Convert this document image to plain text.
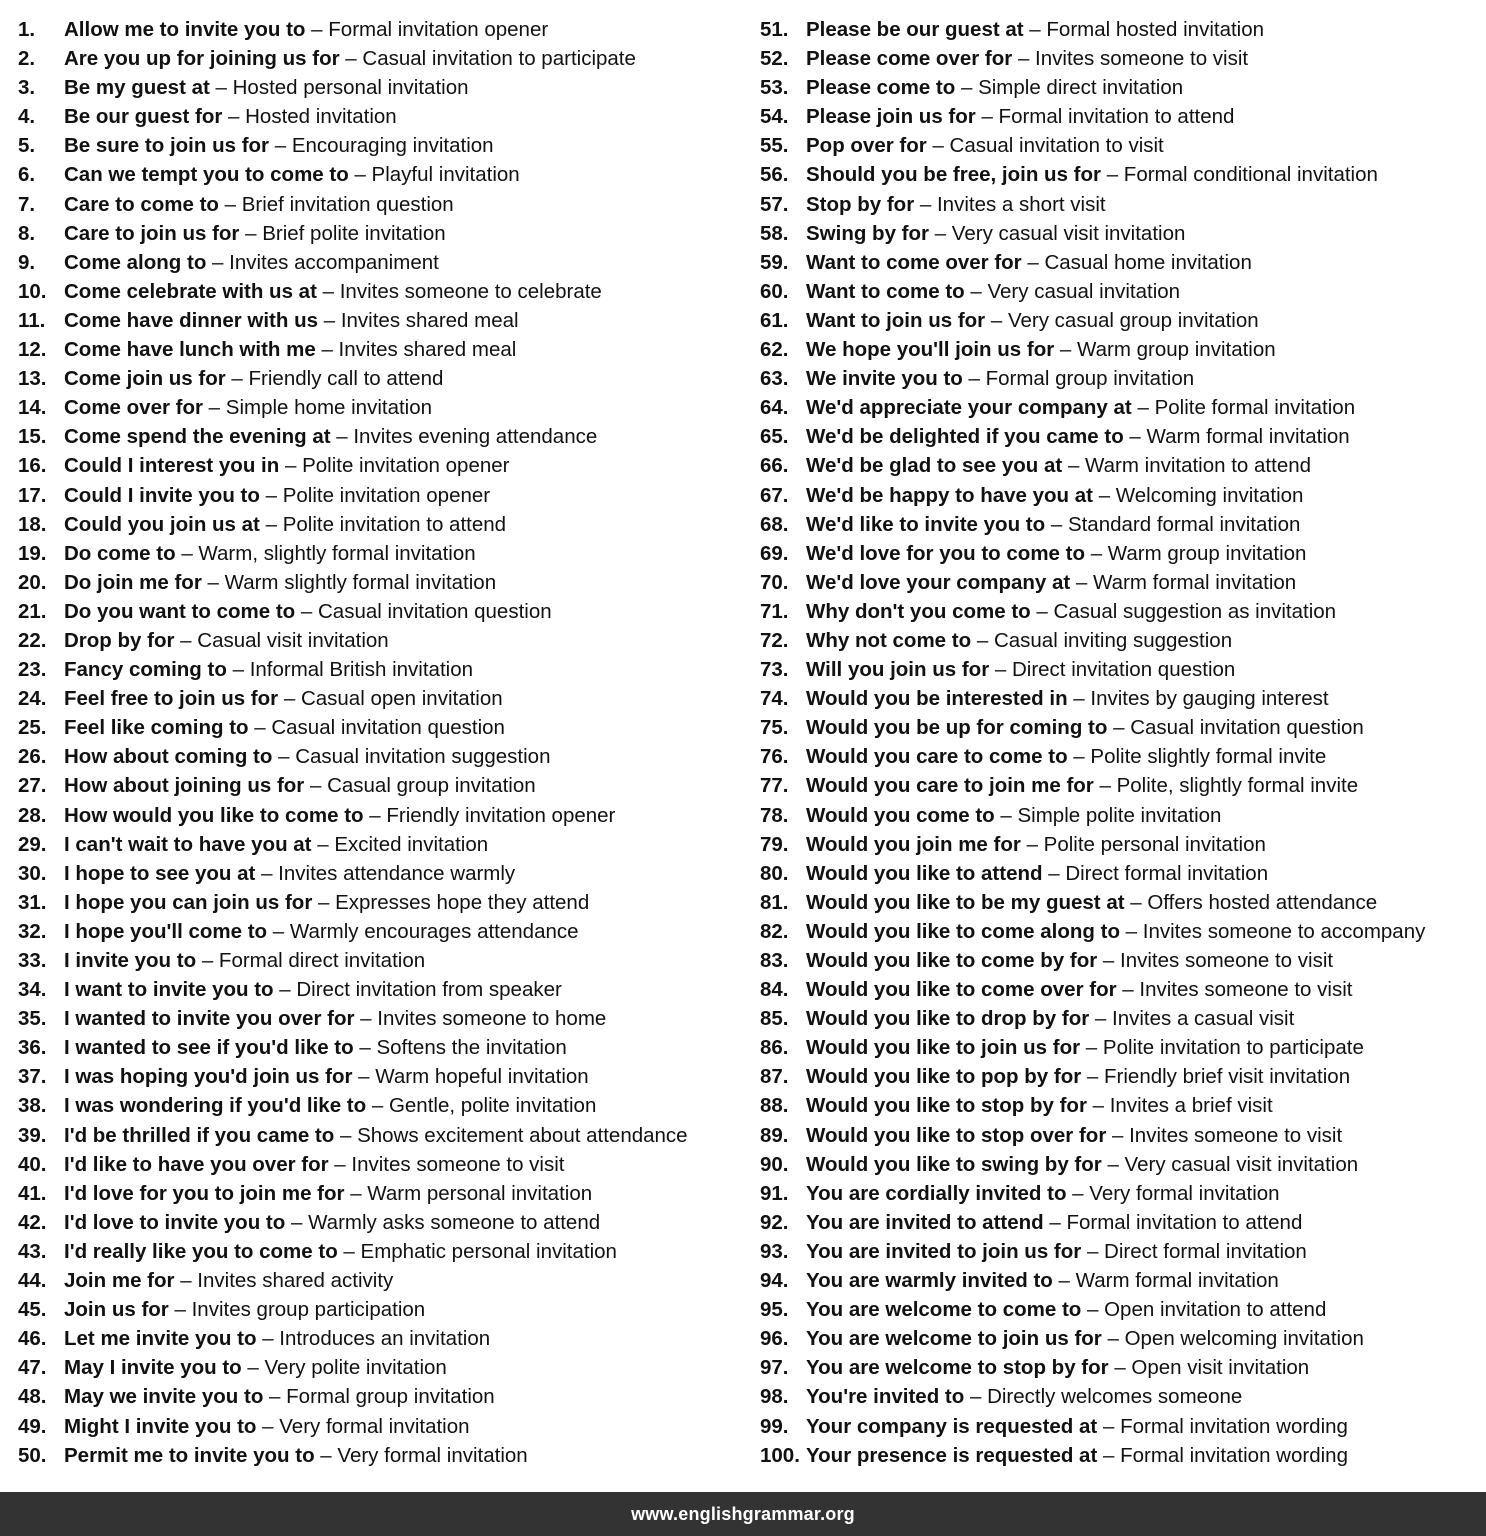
1.	Allow me to invite you to – Formal invitation opener
2.	Are you up for joining us for – Casual invitation to participate
3.	Be my guest at – Hosted personal invitation
4.	Be our guest for – Hosted invitation
5.	Be sure to join us for – Encouraging invitation
6.	Can we tempt you to come to – Playful invitation
7.	Care to come to – Brief invitation question
8.	Care to join us for – Brief polite invitation
9.	Come along to – Invites accompaniment
10. Come celebrate with us at – Invites someone to celebrate
11. Come have dinner with us – Invites shared meal
12. Come have lunch with me – Invites shared meal
13. Come join us for – Friendly call to attend
14. Come over for – Simple home invitation
15. Come spend the evening at – Invites evening attendance
16. Could I interest you in – Polite invitation opener
17. Could I invite you to – Polite invitation opener
18. Could you join us at – Polite invitation to attend
19. Do come to – Warm, slightly formal invitation
20. Do join me for – Warm slightly formal invitation
21. Do you want to come to – Casual invitation question
22. Drop by for – Casual visit invitation
23. Fancy coming to – Informal British invitation
24. Feel free to join us for – Casual open invitation
25. Feel like coming to – Casual invitation question
26. How about coming to – Casual invitation suggestion
27. How about joining us for – Casual group invitation
28. How would you like to come to – Friendly invitation opener
29. I can't wait to have you at – Excited invitation
30. I hope to see you at – Invites attendance warmly
31. I hope you can join us for – Expresses hope they attend
32. I hope you'll come to – Warmly encourages attendance
33. I invite you to – Formal direct invitation
34. I want to invite you to – Direct invitation from speaker
35. I wanted to invite you over for – Invites someone to home
36. I wanted to see if you'd like to – Softens the invitation
37. I was hoping you'd join us for – Warm hopeful invitation
38. I was wondering if you'd like to – Gentle, polite invitation
39. I'd be thrilled if you came to – Shows excitement about attendance
40. I'd like to have you over for – Invites someone to visit
41. I'd love for you to join me for – Warm personal invitation
42. I'd love to invite you to – Warmly asks someone to attend
43. I'd really like you to come to – Emphatic personal invitation
44. Join me for – Invites shared activity
45. Join us for – Invites group participation
46. Let me invite you to – Introduces an invitation
47. May I invite you to – Very polite invitation
48. May we invite you to – Formal group invitation
49. Might I invite you to – Very formal invitation
50. Permit me to invite you to – Very formal invitation
51. Please be our guest at – Formal hosted invitation
52. Please come over for – Invites someone to visit
53. Please come to – Simple direct invitation
54. Please join us for – Formal invitation to attend
55. Pop over for – Casual invitation to visit
56. Should you be free, join us for – Formal conditional invitation
57. Stop by for – Invites a short visit
58. Swing by for – Very casual visit invitation
59. Want to come over for – Casual home invitation
60. Want to come to – Very casual invitation
61. Want to join us for – Very casual group invitation
62. We hope you'll join us for – Warm group invitation
63. We invite you to – Formal group invitation
64. We'd appreciate your company at – Polite formal invitation
65. We'd be delighted if you came to – Warm formal invitation
66. We'd be glad to see you at – Warm invitation to attend
67. We'd be happy to have you at – Welcoming invitation
68. We'd like to invite you to – Standard formal invitation
69. We'd love for you to come to – Warm group invitation
70. We'd love your company at – Warm formal invitation
71. Why don't you come to – Casual suggestion as invitation
72. Why not come to – Casual inviting suggestion
73. Will you join us for – Direct invitation question
74. Would you be interested in – Invites by gauging interest
75. Would you be up for coming to – Casual invitation question
76. Would you care to come to – Polite slightly formal invite
77. Would you care to join me for – Polite, slightly formal invite
78. Would you come to – Simple polite invitation
79. Would you join me for – Polite personal invitation
80. Would you like to attend – Direct formal invitation
81. Would you like to be my guest at – Offers hosted attendance
82. Would you like to come along to – Invites someone to accompany
83. Would you like to come by for – Invites someone to visit
84. Would you like to come over for – Invites someone to visit
85. Would you like to drop by for – Invites a casual visit
86. Would you like to join us for – Polite invitation to participate
87. Would you like to pop by for – Friendly brief visit invitation
88. Would you like to stop by for – Invites a brief visit
89. Would you like to stop over for – Invites someone to visit
90. Would you like to swing by for – Very casual visit invitation
91. You are cordially invited to – Very formal invitation
92. You are invited to attend – Formal invitation to attend
93. You are invited to join us for – Direct formal invitation
94. You are warmly invited to – Warm formal invitation
95. You are welcome to come to – Open invitation to attend
96. You are welcome to join us for – Open welcoming invitation
97. You are welcome to stop by for – Open visit invitation
98. You're invited to – Directly welcomes someone
99. Your company is requested at – Formal invitation wording
100. Your presence is requested at – Formal invitation wording
www.englishgrammar.org
